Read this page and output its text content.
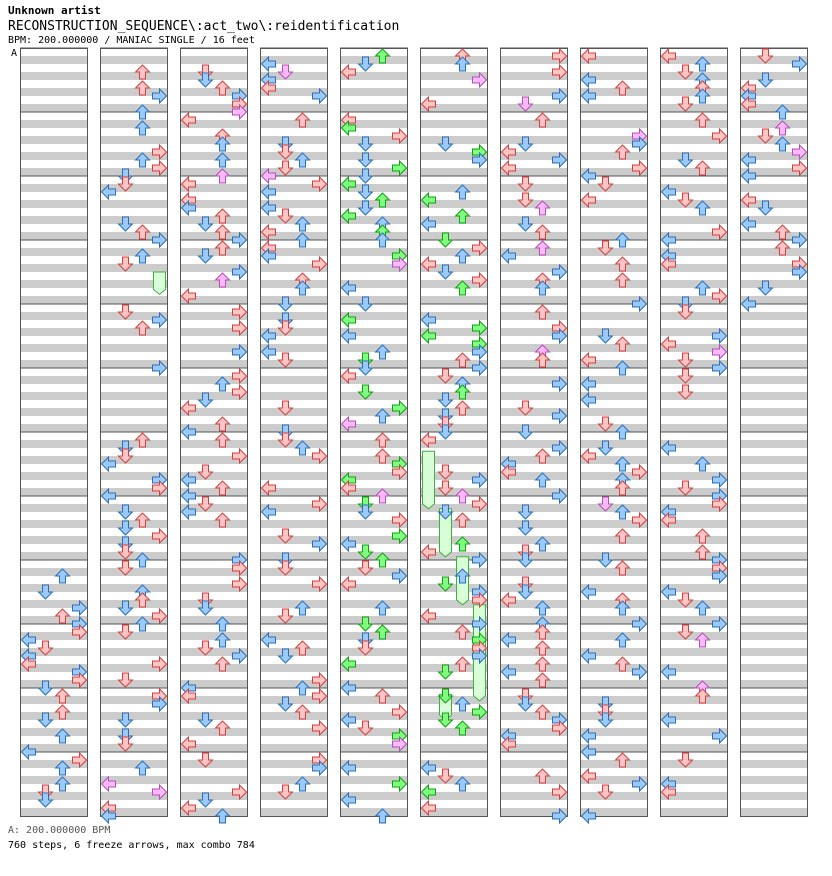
Unknown artist
RECONSTRUCTION_SEQUENCE\:act_two\:reidentification
BPM: 200.000000 / MANIAC SINGLE / 16 feet
A
A: 200.000000 BPM
760 steps, 6 freeze arrows, max combo 784
